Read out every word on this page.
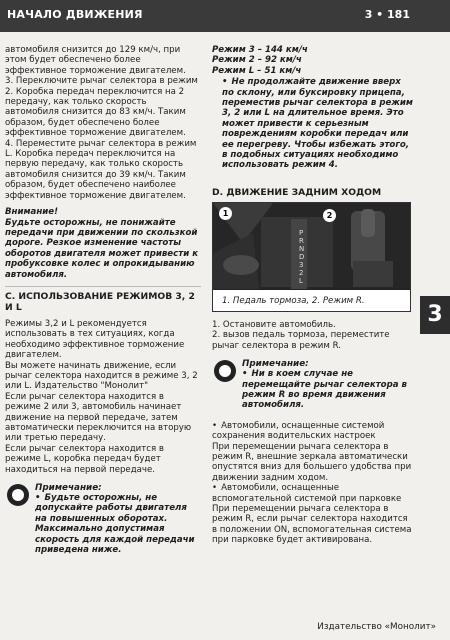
НАЧАЛО ДВИЖЕНИЯ	3 • 181

автомобиля снизится до 129 км/ч, при этом будет обеспечено более эффективное торможение двигателем.

3. Переключите рычаг селектора в режим 2. Коробка передач переключится на 2 передачу, как только скорость автомобиля снизится до 83 км/ч. Таким образом, будет обеспечено более эффективное торможение двигателем.

4. Переместите рычаг селектора в режим L. Коробка передач переключится на первую передачу, как только скорость автомобиля снизится до 39 км/ч. Таким образом, будет обеспечено наиболее эффективное торможение двигателем.

Внимание!

Будьте осторожны, не понижайте передачи при движении по скользкой дороге. Резкое изменение частоты оборотов двигателя может привести к пробуксовке колес и опрокидыванию автомобиля.

C. ИСПОЛЬЗОВАНИЕ РЕЖИМОВ 3, 2 И L

Режимы 3,2 и L рекомендуется использовать в тех ситуациях, когда необходимо эффективное торможение двигателем.

Вы можете начинать движение, если рычаг селектора находится в режиме 3, 2 или L. Издательство "Монолит"

Если рычаг селектора находится в режиме 2 или 3, автомобиль начинает движение на первой передаче, затем автоматически переключится на вторую или третью передачу.

Если рычаг селектора находится в режиме L, коробка передач будет находиться на первой передаче.

Примечание:

• Будьте осторожны, не допускайте работы двигателя на повышенных оборотах. Максимально допустимая скорость для каждой передачи приведена ниже.

Режим 3 – 144 км/ч

Режим 2 – 92 км/ч

Режим L – 51 км/ч

• Не продолжайте движение вверх по склону, или буксировку прицепа, переместив рычаг селектора в режим 3, 2 или L на длительное время. Это может привести к серьезным повреждениям коробки передач или ее перегреву. Чтобы избежать этого, в подобных ситуациях необходимо использовать режим 4.

D. ДВИЖЕНИЕ ЗАДНИМ ХОДОМ

1	2
P R N D 3 2 L
1. Педаль тормоза, 2. Режим R.

1. Остановите автомобиль.

2. вызов педаль тормоза, переместите рычаг селектора в режим R.

Примечание:

• Ни в коем случае не перемещайте рычаг селектора в режим R во время движения автомобиля.

• Автомобили, оснащенные системой сохранения водительских настроек

При перемещении рычага селектора в режим R, внешние зеркала автоматически опустятся вниз для большего удобства при движении задним ходом.

• Автомобили, оснащенные вспомогательной системой при парковке

При перемещении рычага селектора в режим R, если рычаг селектора находится в положении ON, вспомогательная система при парковке будет активирована.

3
Издательство «Монолит»
